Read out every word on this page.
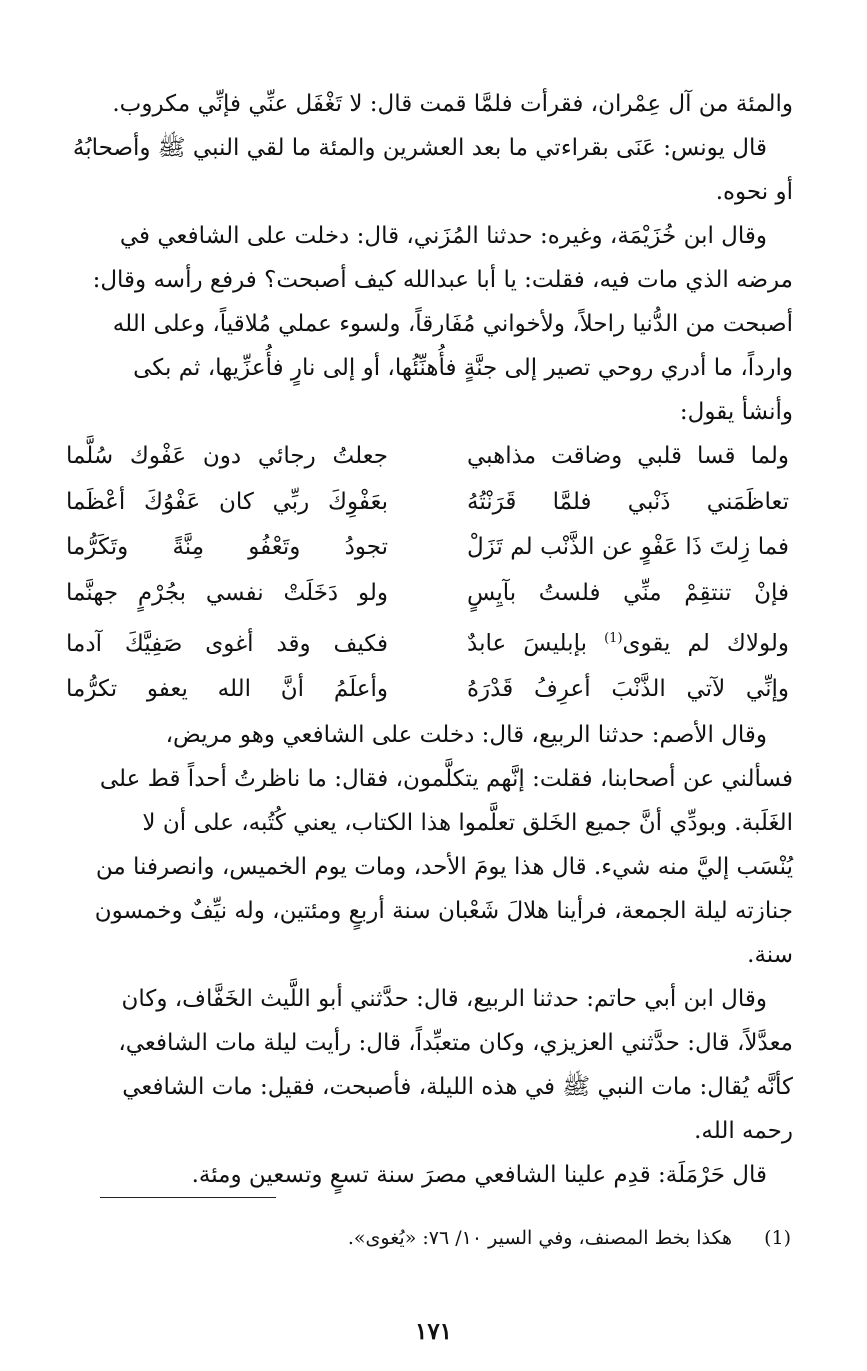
والمئة من آل عِمْران، فقرأت فلمَّا قمت قال: لا تَغْفَل عنِّي فإنِّي مكروب.

قال يونس: عَنَى بقراءتي ما بعد العشرين والمئة ما لقي النبي ﷺ وأصحابُهُ

أو نحوه.

وقال ابن خُزَيْمَة، وغيره: حدثنا المُزَني، قال: دخلت على الشافعي في

مرضه الذي مات فيه، فقلت: يا أبا عبدالله كيف أصبحت؟ فرفع رأسه وقال:

أصبحت من الدُّنيا راحلاً، ولأخواني مُفَارقاً، ولسوء عملي مُلاقياً، وعلى الله

وارداً، ما أدري روحي تصير إلى جنَّةٍ فأُهنِّئُها، أو إلى نارٍ فأُعزِّيها، ثم بكى

وأنشأ يقول:

ولما قسا قلبي وضاقت مذاهبي
جعلتُ رجائي دون عَفْوك سُلَّما
تعاظَمَني ذَنْبي فلمَّا قَرَنْتُهُ
بعَفْوِكَ ربِّي كان عَفْوُكَ أعْظَما
فما زِلتَ ذَا عَفْوٍ عن الذَّنْب لم تَزَلْ
تجودُ وتَعْفُو مِنَّةً وتَكَرُّما
فإنْ تنتقِمْ منِّي فلستُ بآيِسٍ
ولو دَخَلَتْ نفسي بجُرْمٍ جهنَّما
ولولاك لم يقوى$^{(1)}$ بإبليسَ عابدٌ
فكيف وقد أغوى صَفِيَّكَ آدما
وإنِّي لآتي الذَّنْبَ أعرِفُ قَدْرَهُ
وأعلَمُ أنَّ الله يعفو تكرُّما

وقال الأصم: حدثنا الربيع، قال: دخلت على الشافعي وهو مريض،

فسألني عن أصحابنا، فقلت: إنَّهم يتكلَّمون، فقال: ما ناظرتُ أحداً قط على

الغَلَبة. وبودِّي أنَّ جميع الخَلق تعلَّموا هذا الكتاب، يعني كُتُبه، على أن لا

يُنْسَب إليَّ منه شيء. قال هذا يومَ الأحد، ومات يوم الخميس، وانصرفنا من

جنازته ليلة الجمعة، فرأينا هلالَ شَعْبان سنة أربعٍ ومئتين، وله نيِّفٌ وخمسون

سنة.

وقال ابن أبي حاتم: حدثنا الربيع، قال: حدَّثني أبو اللَّيث الخَفَّاف، وكان

معدَّلاً، قال: حدَّثني العزيزي، وكان متعبِّداً، قال: رأيت ليلة مات الشافعي،

كأنَّه يُقال: مات النبي ﷺ في هذه الليلة، فأصبحت، فقيل: مات الشافعي

رحمه الله.

قال حَرْمَلَة: قدِم علينا الشافعي مصرَ سنة تسعٍ وتسعين ومئة.

(1) هكذا بخط المصنف، وفي السير ١٠/ ٧٦: «يُغوى».
١٧١
